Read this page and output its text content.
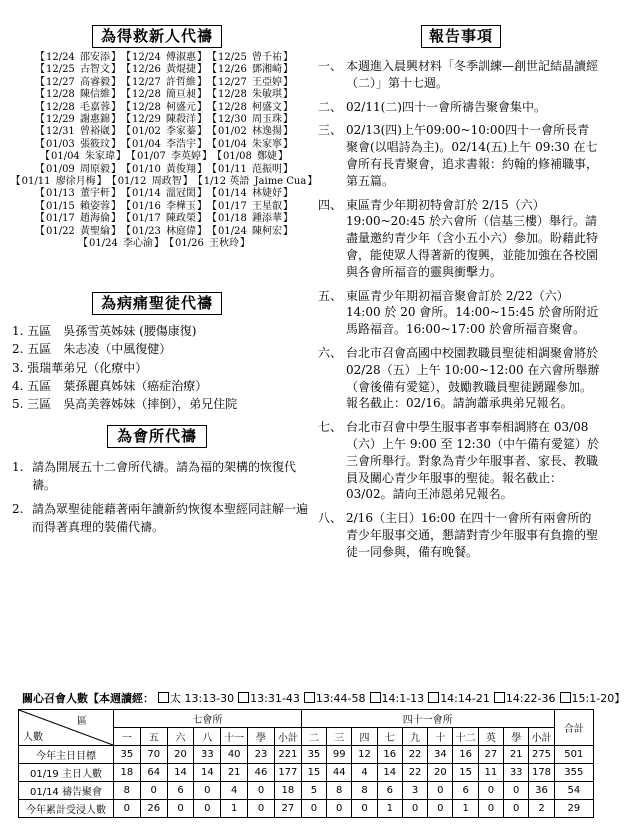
為得救新人代禱
為病痛聖徒代禱
為會所代禱
報告事項
【12/24 邵安添】 【12/24 傅淑惠】 【12/25 曾千祐】
【12/25 古智文】 【12/26 黃焜捷】 【12/26 鄧湘崎】
【12/27 高睿毅】 【12/27 許哲維】 【12/27 王亞婷】
【12/28 陳信維】 【12/28 簡亘昶】 【12/28 朱敏琪】
【12/28 毛嘉蓉】 【12/28 柯盛元】 【12/28 柯盛文】
【12/29 謝惠錦】 【12/29 陳殺洋】 【12/30 周玉珠】
【12/31 曾裕崴】 【01/02 李家蓁】 【01/02 林逸揚】
【01/03 張筱玟】 【01/04 李浩宇】 【01/04 朱家寧】
【01/04 朱家瑋】 【01/07 李英婷】 【01/08 鄭婕】
【01/09 周原毅】 【01/10 黃俊翔】 【01/11 范振明】
【01/11 廖徐月梅】 【01/12 周政智】 【1/12 英語 Jaime Cua】
【01/13 董宇軒】 【01/14 溫冠閎】 【01/14 林婕妤】
【01/15 賴姿蓉】 【01/16 李樺玉】 【01/17 王星叡】
【01/17 趙海倫】 【01/17 陳政榮】 【01/18 鍾添華】
【01/22 黃聖綸】 【01/23 林庭偉】 【01/24 陳柯宏】
【01/24 李心渝】 【01/26 王秋玲】
1. 五區　吳孫雪英姊妹 (腰傷康復)
2. 五區　朱志凌（中風復健）
3. 張瑞華弟兄（化療中）
4. 五區　葉孫麗真姊妹（癌症治療）
5. 三區　吳高美蓉姊妹（摔倒），弟兄住院
1. 請為開展五十二會所代禱。請為福的架構的恢復代禱。
2. 請為眾聖徒能藉著兩年讀新約恢復本聖經同註解一遍而得著真理的裝備代禱。
一、 本週進入晨興材料「冬季訓練—創世記結晶讀經（二）」第十七週。
二、 02/11(二)四十一會所禱告聚會集中。
三、 02/13(四)上午09:00~10:00四十一會所長青聚會(以唱詩為主)。02/14(五)上午 09:30 在七會所有長青聚會，追求書報：約翰的修補職事，第五篇。
四、 東區青少年期初特會訂於 2/15（六）19:00~20:45 於六會所（信基三樓）舉行。請盡量邀約青少年（含小五小六）參加。盼藉此特會，能使眾人得著新的復興，並能加強在各校園與各會所福音的靈與衝擊力。
五、 東區青少年期初福音聚會訂於 2/22（六）14:00 於 20 會所。14:00~15:45 於會所附近馬路福音。16:00~17:00 於會所福音聚會。
六、 台北市召會高國中校園教職員聖徒相調聚會將於 02/28（五）上午 10:00~12:00 在六會所舉辦（會後備有愛筵），鼓勵教職員聖徒踴躍參加。報名截止：02/16。請詢蕭承典弟兄報名。
七、 台北市召會中學生服事者事奉相調將在 03/08（六）上午 9:00 至 12:30（中午備有愛筵）於三會所舉行。對象為青少年服事者、家長、教職員及關心青少年服事的聖徒。報名截止：03/02。請向王沛恩弟兄報名。
八、 2/16（主日）16:00 在四十一會所有兩會所的青少年服事交通，懇請對青少年服事有負擔的聖徒一同參與，備有晚餐。
關心召會人數【本週讀經： 太 13:13-30 13:31-43 13:44-58 14:1-13 14:14-21 14:22-36 15:1-20】
區
人數	七會所							四十一會所										合計
	一	五	六	八	十一	學	小計	二	三	四	七	九	十	十二	英	學	小計	
今年主日目標	35	70	20	33	40	23	221	35	99	12	16	22	34	16	27	21	275	501
01/19 主日人數	18	64	14	14	21	46	177	15	44	4	14	22	20	15	11	33	178	355
01/14 禱告聚會	8	0	6	0	4	0	18	5	8	8	6	3	0	6	0	0	36	54
今年累計受浸人數	0	26	0	0	1	0	27	0	0	0	1	0	0	1	0	0	2	29
